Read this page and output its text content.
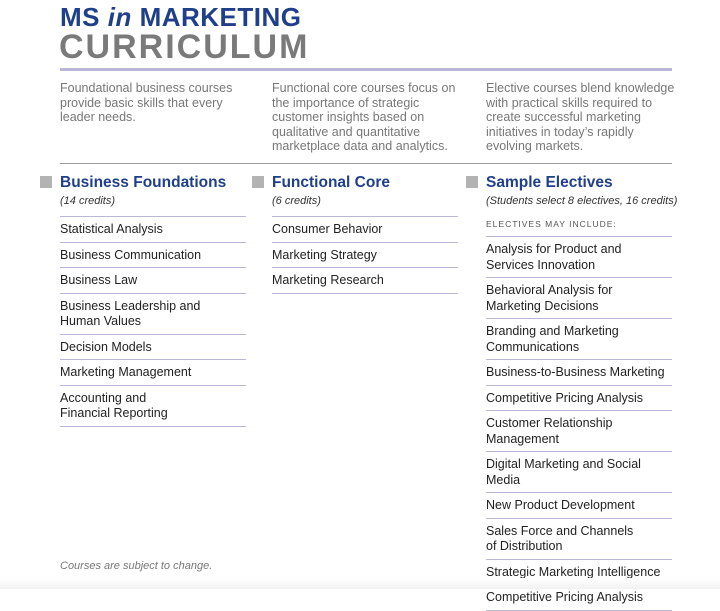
MS in MARKETING
CURRICULUM
Foundational business courses provide basic skills that every leader needs.
Functional core courses focus on the importance of strategic customer insights based on qualitative and quantitative marketplace data and analytics.
Elective courses blend knowledge with practical skills required to create successful marketing initiatives in today’s rapidly evolving markets.
Business Foundations
(14 credits)
Statistical Analysis
Business Communication
Business Law
Business Leadership and
Human Values
Decision Models
Marketing Management
Accounting and
Financial Reporting
Functional Core
(6 credits)
Consumer Behavior
Marketing Strategy
Marketing Research
Sample Electives
(Students select 8 electives, 16 credits)
ELECTIVES MAY INCLUDE:
Analysis for Product and
Services Innovation
Behavioral Analysis for
Marketing Decisions
Branding and Marketing
Communications
Business-to-Business Marketing
Competitive Pricing Analysis
Customer Relationship Management
Digital Marketing and Social Media
New Product Development
Sales Force and Channels
of Distribution
Strategic Marketing Intelligence
Competitive Pricing Analysis
Courses are subject to change.
